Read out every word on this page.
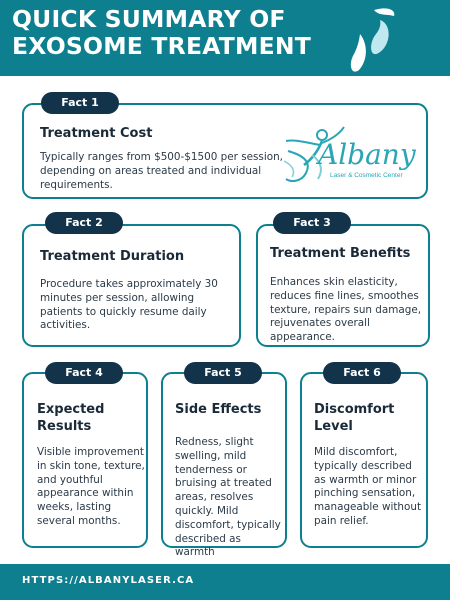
QUICK SUMMARY OF
EXOSOME TREATMENT
Treatment Cost
Typically ranges from $500-$1500 per session, depending on areas treated and individual requirements.
Fact 1
Albany
Laser & Cosmetic Center
Treatment Duration
Procedure takes approximately 30 minutes per session, allowing patients to quickly resume daily activities.
Fact 2
Treatment Benefits
Enhances skin elasticity, reduces fine lines, smoothes texture, repairs sun damage, rejuvenates overall appearance.
Fact 3
Expected Results
Visible improvement in skin tone, texture, and youthful appearance within weeks, lasting several months.
Fact 4
Side Effects
Redness, slight swelling, mild tenderness or bruising at treated areas, resolves quickly. Mild discomfort, typically described as warmth
Fact 5
Discomfort Level
Mild discomfort, typically described as warmth or minor pinching sensation, manageable without pain relief.
Fact 6
HTTPS://ALBANYLASER.CA
